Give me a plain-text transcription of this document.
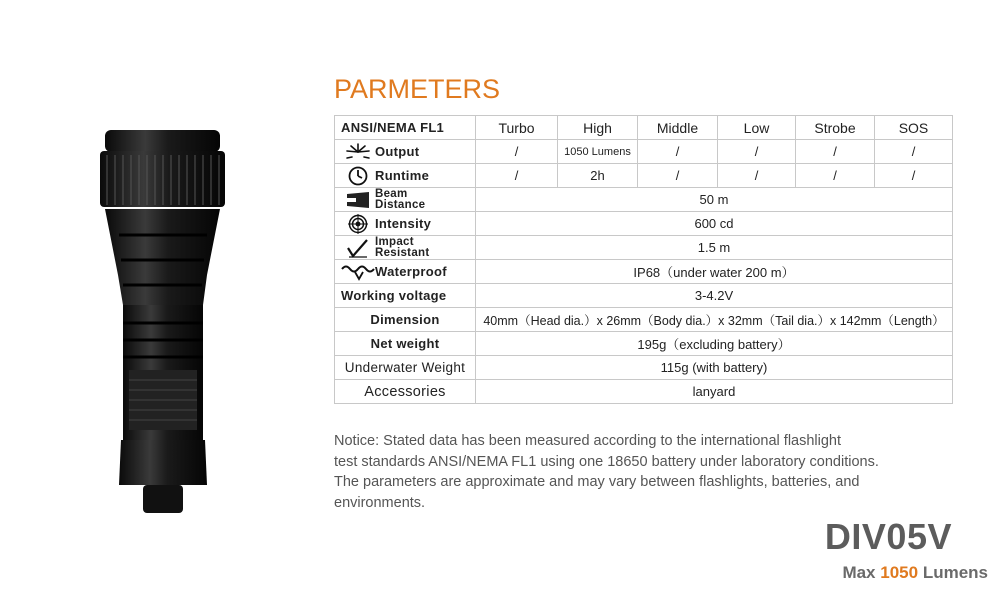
PARMETERS
ANSI/NEMA FL1	Turbo	High	Middle	Low	Strobe	SOS

Output	/	1050 Lumens	/	/	/	/

Runtime	/	2h	/	/	/	/

Beam
Distance	50 m					

Intensity	600 cd					

Impact
Resistant	1.5 m					

Waterproof	IP68（under water 200 m）					
Working voltage	3-4.2V					
Dimension	40mm（Head dia.）x 26mm（Body dia.）x 32mm（Tail dia.）x 142mm（Length）					
Net weight	195g（excluding battery）					
Underwater Weight	115g (with battery)					
Accessories	lanyard					
Notice: Stated data has been measured according to the international flashlight
test standards ANSI/NEMA FL1 using one 18650 battery under laboratory conditions.
The parameters are approximate and may vary between flashlights, batteries, and
environments.
DIV05V
Max 1050 Lumens
